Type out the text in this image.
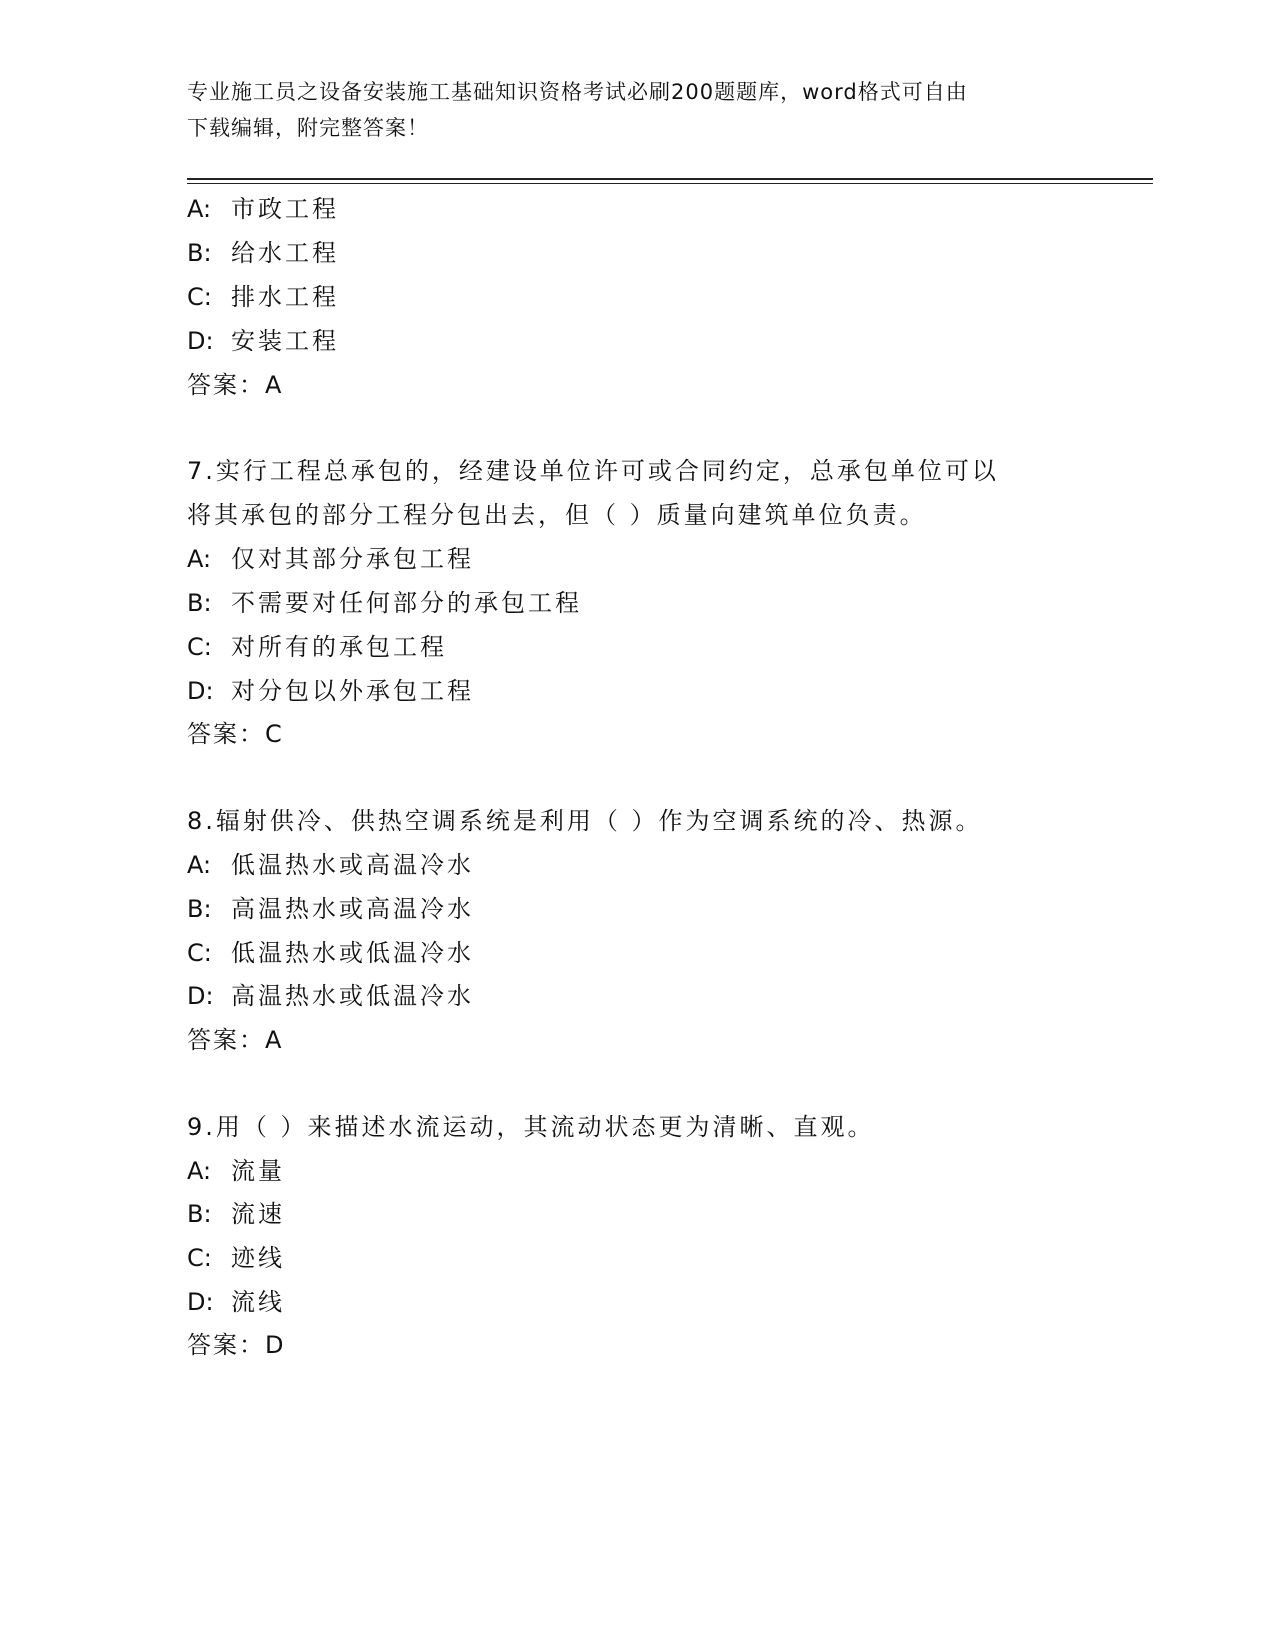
专业施工员之设备安装施工基础知识资格考试必刷200题题库，word格式可自由
下载编辑，附完整答案！
A: 市政工程
B: 给水工程
C: 排水工程
D: 安装工程
答案：A
7.实行工程总承包的，经建设单位许可或合同约定，总承包单位可以
将其承包的部分工程分包出去，但（ ）质量向建筑单位负责。
A: 仅对其部分承包工程
B: 不需要对任何部分的承包工程
C: 对所有的承包工程
D: 对分包以外承包工程
答案：C
8.辐射供冷、供热空调系统是利用（ ）作为空调系统的冷、热源。
A: 低温热水或高温冷水
B: 高温热水或高温冷水
C: 低温热水或低温冷水
D: 高温热水或低温冷水
答案：A
9.用（ ）来描述水流运动，其流动状态更为清晰、直观。
A: 流量
B: 流速
C: 迹线
D: 流线
答案：D
